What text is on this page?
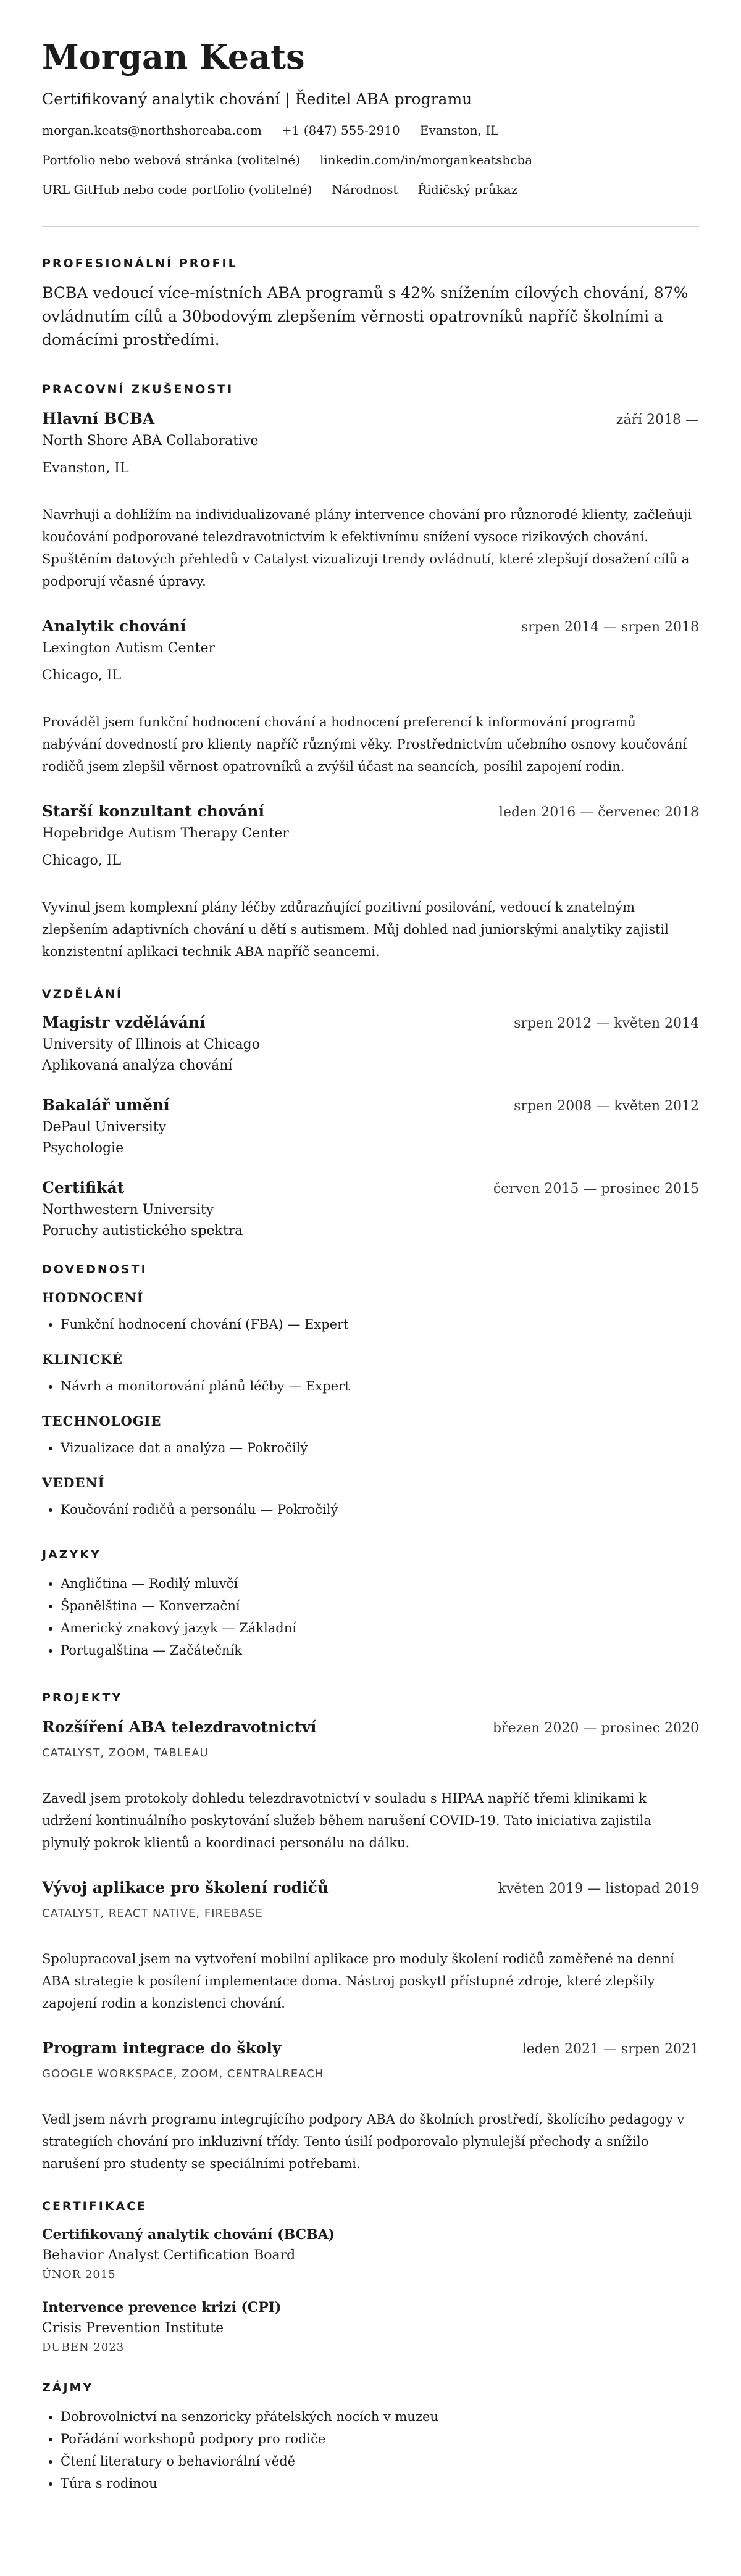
Morgan Keats
Certifikovaný analytik chování | Ředitel ABA programu
morgan.keats@northshoreaba.com +1 (847) 555-2910 Evanston, IL
Portfolio nebo webová stránka (volitelné) linkedin.com/in/morgankeatsbcba
URL GitHub nebo code portfolio (volitelné) Národnost Řidičský průkaz
PROFESIONÁLNÍ PROFIL

BCBA vedoucí více-místních ABA programů s 42% snížením cílových chování, 87% ovládnutím cílů a 30bodovým zlepšením věrnosti opatrovníků napříč školními a domácími prostředími.

PRACOVNÍ ZKUŠENOSTI
Hlavní BCBA	září 2018 —
North Shore ABA Collaborative
Evanston, IL
Navrhuji a dohlížím na individualizované plány intervence chování pro různorodé klienty, začleňuji koučování podporované telezdravotnictvím k efektivnímu snížení vysoce rizikových chování. Spuštěním datových přehledů v Catalyst vizualizuji trendy ovládnutí, které zlepšují dosažení cílů a podporují včasné úpravy.
Analytik chování	srpen 2014 — srpen 2018
Lexington Autism Center
Chicago, IL
Prováděl jsem funkční hodnocení chování a hodnocení preferencí k informování programů nabývání dovedností pro klienty napříč různými věky. Prostřednictvím učebního osnovy koučování rodičů jsem zlepšil věrnost opatrovníků a zvýšil účast na seancích, posílil zapojení rodin.
Starší konzultant chování	leden 2016 — červenec 2018
Hopebridge Autism Therapy Center
Chicago, IL
Vyvinul jsem komplexní plány léčby zdůrazňující pozitivní posilování, vedoucí k znatelným zlepšením adaptivních chování u dětí s autismem. Můj dohled nad juniorskými analytiky zajistil konzistentní aplikaci technik ABA napříč seancemi.
VZDĚLÁNÍ
Magistr vzdělávání	srpen 2012 — květen 2014
University of Illinois at Chicago
Aplikovaná analýza chování
Bakalář umění	srpen 2008 — květen 2012
DePaul University
Psychologie
Certifikát	červen 2015 — prosinec 2015
Northwestern University
Poruchy autistického spektra
DOVEDNOSTI
HODNOCENÍ
• Funkční hodnocení chování (FBA) — Expert
KLINICKÉ
• Návrh a monitorování plánů léčby — Expert
TECHNOLOGIE
• Vizualizace dat a analýza — Pokročilý
VEDENÍ
• Koučování rodičů a personálu — Pokročilý
JAZYKY
• Angličtina — Rodilý mluvčí
• Španělština — Konverzační
• Americký znakový jazyk — Základní
• Portugalština — Začátečník
PROJEKTY
Rozšíření ABA telezdravotnictví	březen 2020 — prosinec 2020
CATALYST, ZOOM, TABLEAU
Zavedl jsem protokoly dohledu telezdravotnictví v souladu s HIPAA napříč třemi klinikami k udržení kontinuálního poskytování služeb během narušení COVID-19. Tato iniciativa zajistila plynulý pokrok klientů a koordinaci personálu na dálku.
Vývoj aplikace pro školení rodičů	květen 2019 — listopad 2019
CATALYST, REACT NATIVE, FIREBASE
Spolupracoval jsem na vytvoření mobilní aplikace pro moduly školení rodičů zaměřené na denní ABA strategie k posílení implementace doma. Nástroj poskytl přístupné zdroje, které zlepšily zapojení rodin a konzistenci chování.
Program integrace do školy	leden 2021 — srpen 2021
GOOGLE WORKSPACE, ZOOM, CENTRALREACH
Vedl jsem návrh programu integrujícího podpory ABA do školních prostředí, školícího pedagogy v strategiích chování pro inkluzivní třídy. Tento úsilí podporovalo plynulejší přechody a snížilo narušení pro studenty se speciálními potřebami.
CERTIFIKACE
Certifikovaný analytik chování (BCBA)
Behavior Analyst Certification Board
ÚNOR 2015
Intervence prevence krizí (CPI)
Crisis Prevention Institute
DUBEN 2023
ZÁJMY
• Dobrovolnictví na senzoricky přátelských nocích v muzeu
• Pořádání workshopů podpory pro rodiče
• Čtení literatury o behaviorální vědě
• Túra s rodinou
